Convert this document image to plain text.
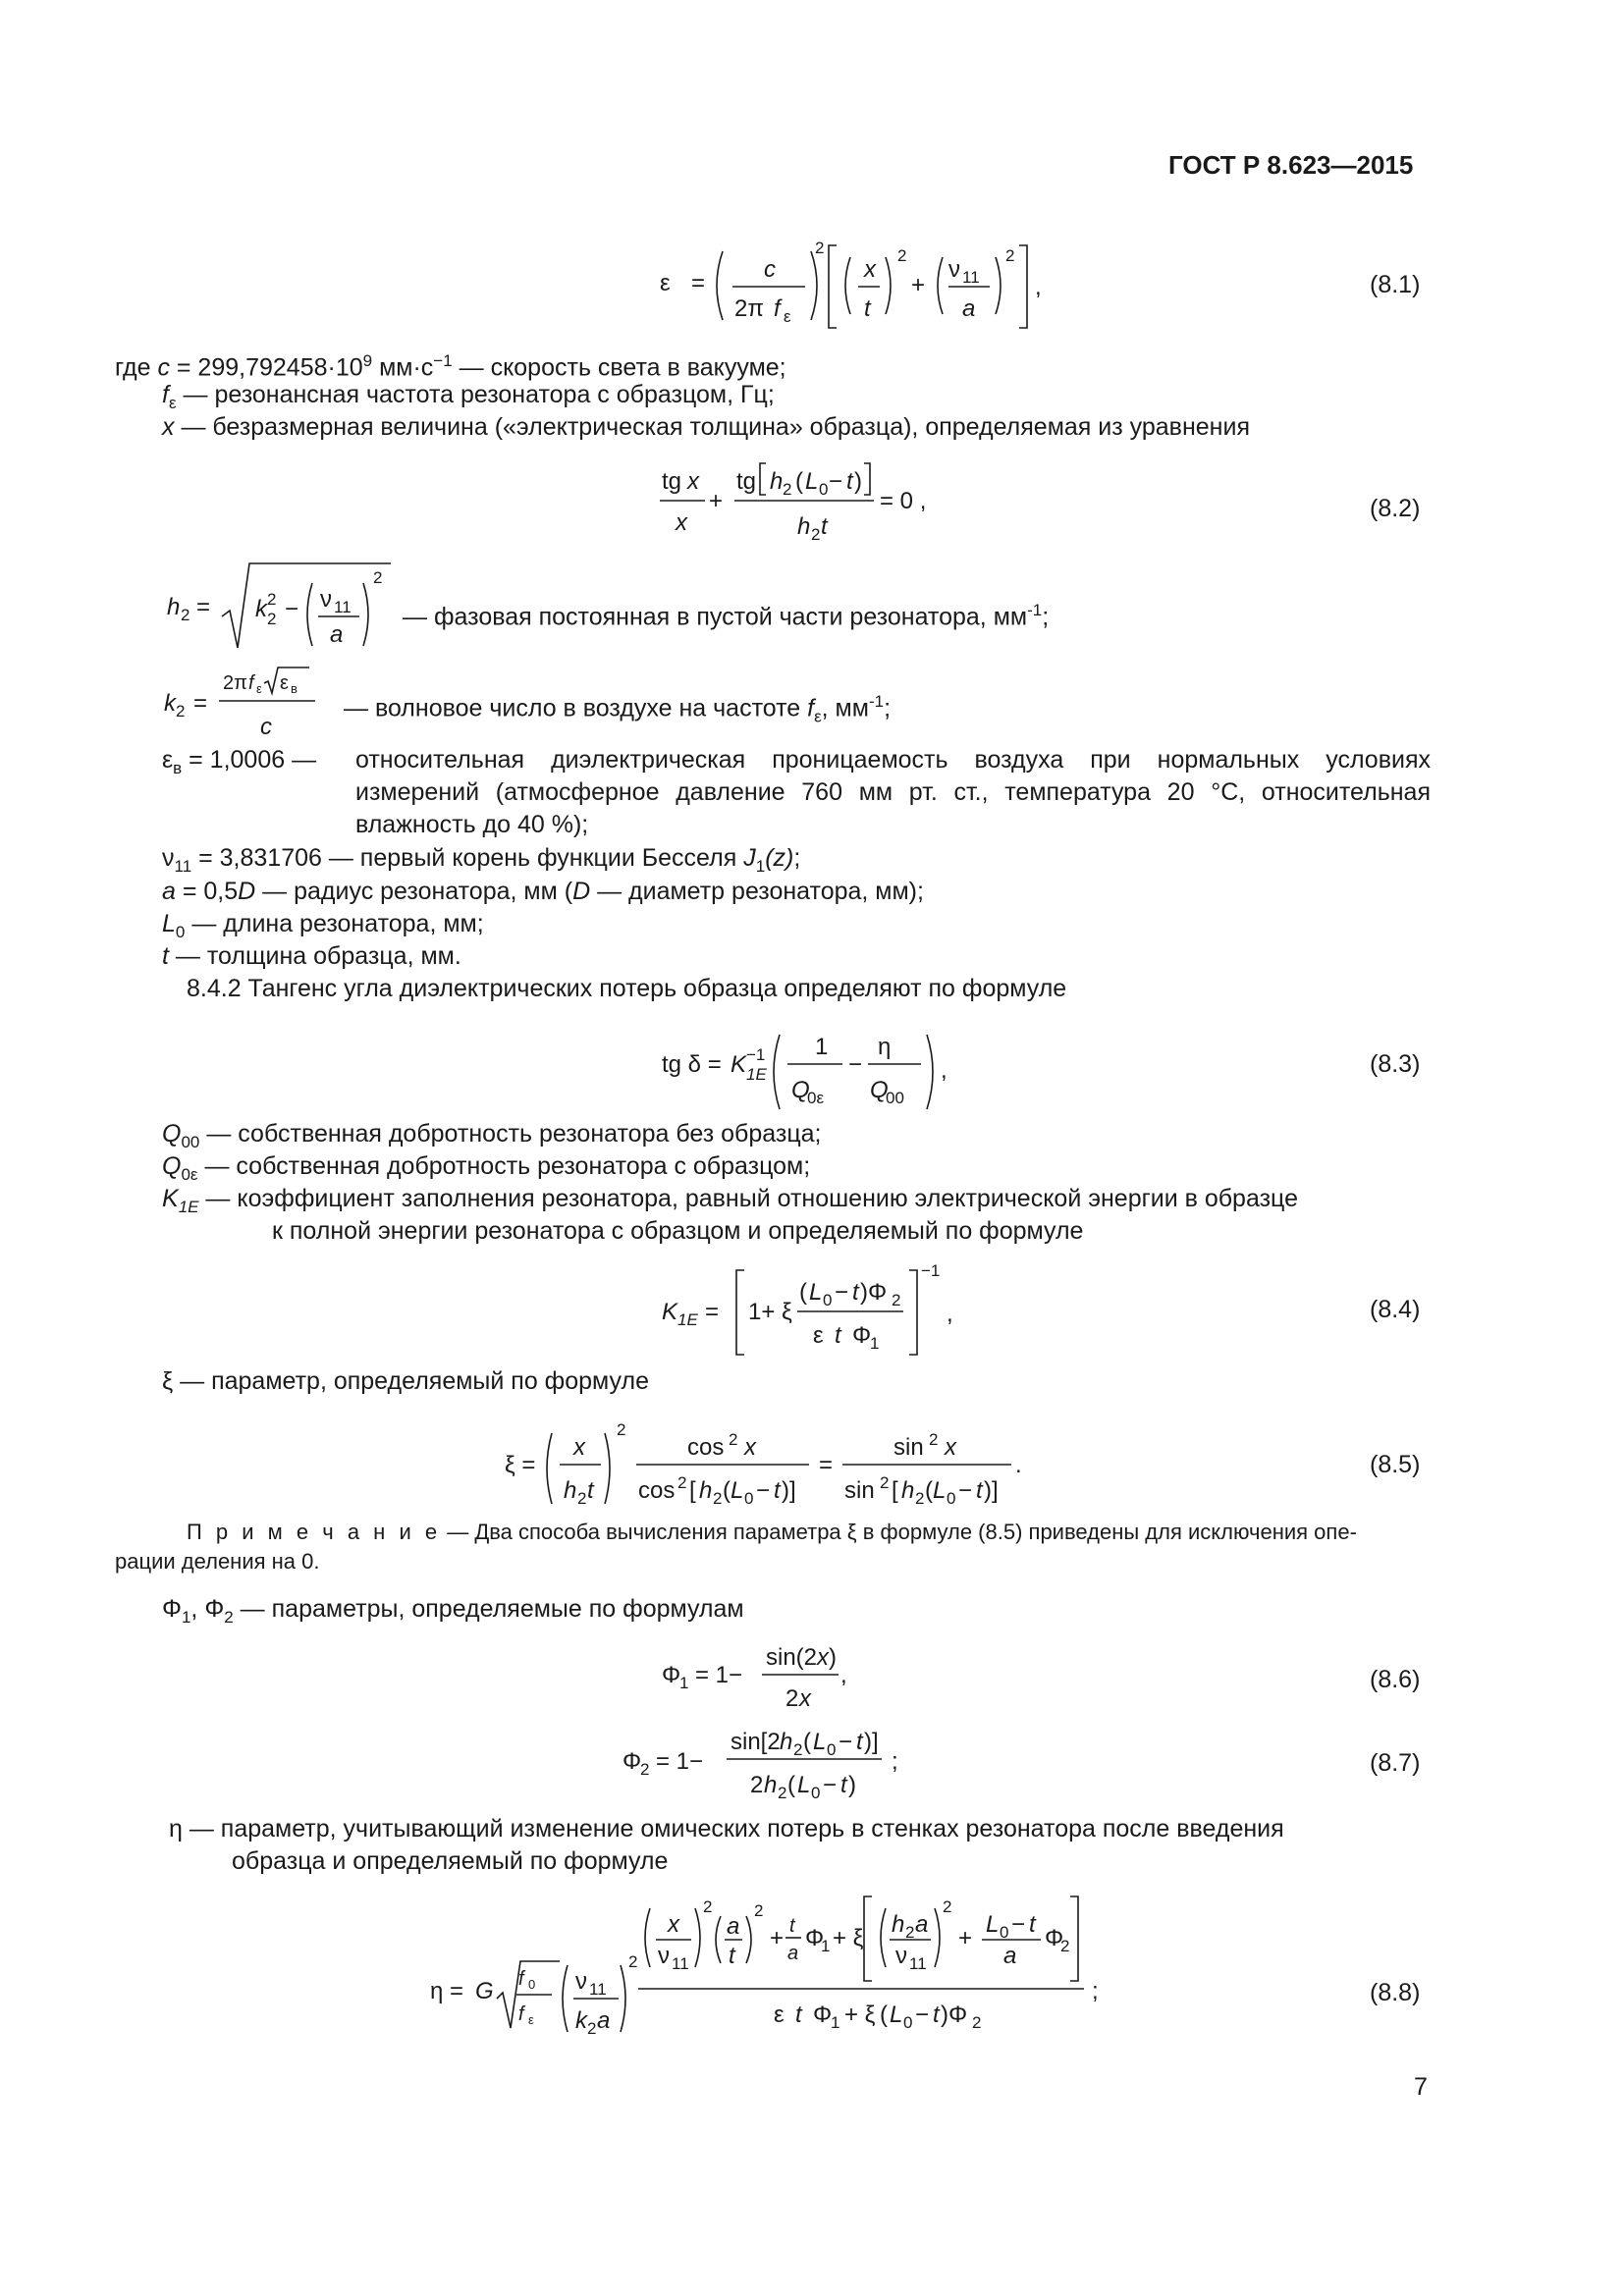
ГОСТ Р 8.623—2015
ε =
c
2π f ε
2
x
t
2
+
ν 11
a
2
,	(8.1)
где $c = 299,792458\cdot 10^9$ $мм\cdot с^{-1}$ — скорость света в вакууме;
$f_\varepsilon$ — резонансная частота резонатора с образцом, Гц;
x — безразмерная величина («электрическая толщина» образца), определяемая из уравнения
tg x
x
+
tg h 2 ( L 0 − t )
h 2 t
= 0 ,	(8.2)
h 2 = k 2
2 − ν 11
a
2
— фазовая постоянная в пустой части резонатора, $мм^{-1}$;
k 2 =
2π f ε ε в
c
— волновое число в воздухе на частоте $f_\varepsilon$, $мм^{-1}$;
$\varepsilon_в = 1,0006$ — относительная диэлектрическая проницаемость воздуха при нормальных условиях измерений (атмосферное давление 760 мм рт. ст., температура 20 °С, относительная влажность до 40 %);
$\nu_{11} = 3,831706$ — первый корень функции Бесселя $J_1(z)$;
a = 0,5D — радиус резонатора, мм (D — диаметр резонатора, мм);
$L_0$ — длина резонатора, мм;
t — толщина образца, мм.
8.4.2 Тангенс угла диэлектрических потерь образца определяют по формуле
tg δ = K −1
1E
1
Q
0ε
−
η
Q
00
,	(8.3)
$Q_{00}$ — собственная добротность резонатора без образца;
$Q_{0\varepsilon}$ — собственная добротность резонатора с образцом;
$K_{1E}$ — коэффициент заполнения резонатора, равный отношению электрической энергии в образце
к полной энергии резонатора с образцом и определяемый по формуле
K 1E = 1+ ξ
( L 0 − t )Φ 2
ε t Φ
1
−1
,	(8.4)
ξ — параметр, определяемый по формуле
ξ =
x
h 2 t
2
cos 2 x
cos 2 [ h 2 ( L 0 − t )]
=
sin 2 x
sin 2 [ h 2 ( L 0 − t )]
.	(8.5)
П р и м е ч а н и е — Два способа вычисления параметра ξ в формуле (8.5) приведены для исключения опе-
рации деления на 0.
$\Phi_1$, $\Phi_2$ — параметры, определяемые по формулам
Φ
1 = 1−
sin(2 x )
2 x
,	(8.6)
Φ
2 = 1−
sin[2 h 2 ( L 0 − t )]
2 h 2 ( L 0 − t )
;	(8.7)
η — параметр, учитывающий изменение омических потерь в стенках резонатора после введения
образца и определяемый по формуле
η = G f 0
f ε
ν 11
k 2 a
2
x
ν 11
2
a
t
2
+ t
a
Φ
1 + ξ
h 2 a
ν 11
2
+
L 0 − t
a
Φ
2
ε t Φ
1 + ξ ( L 0 − t )Φ 2
;	(8.8)
7
